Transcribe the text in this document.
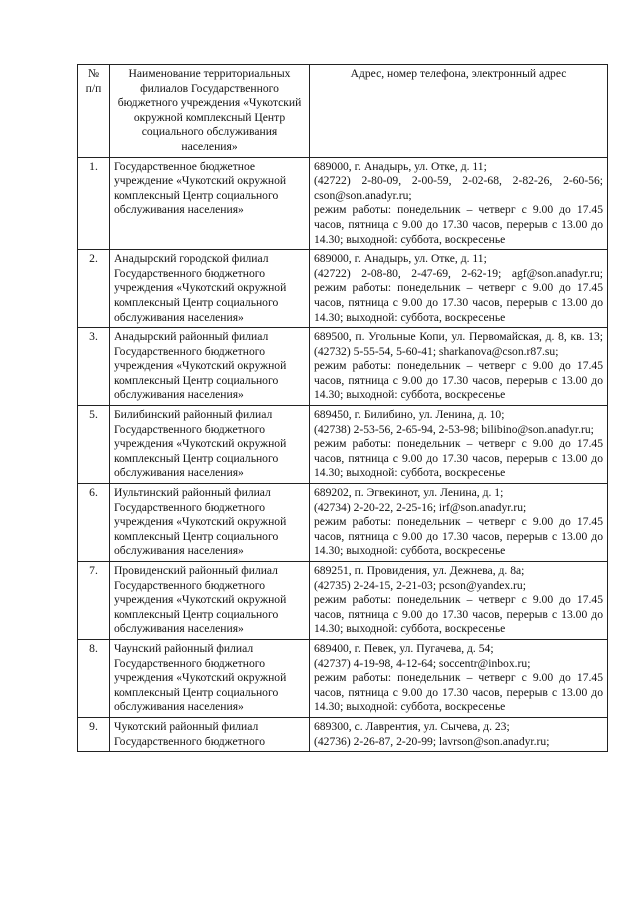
№ п/п	Наименование территориальных филиалов Государственного бюджетного учреждения «Чукотский окружной комплексный Центр социального обслуживания населения»	Адрес, номер телефона, электронный адрес
1.	Государственное бюджетное учреждение «Чукотский окружной комплексный Центр социального обслуживания населения»	689000, г. Анадырь, ул. Отке, д. 11;
(42722) 2-80-09, 2-00-59, 2-02-68, 2-82-26, 2-60-56; cson@son.anadyr.ru;
режим работы: понедельник – четверг с 9.00 до 17.45 часов, пятница с 9.00 до 17.30 часов, перерыв с 13.00 до 14.30; выходной: суббота, воскресенье

2.	Анадырский городской филиал Государственного бюджетного учреждения «Чукотский окружной комплексный Центр социального обслуживания населения»	689000, г. Анадырь, ул. Отке, д. 11;
(42722) 2-08-80, 2-47-69, 2-62-19; agf@son.anadyr.ru; режим работы: понедельник – четверг с 9.00 до 17.45 часов, пятница с 9.00 до 17.30 часов, перерыв с 13.00 до 14.30; выходной: суббота, воскресенье

3.	Анадырский районный филиал Государственного бюджетного учреждения «Чукотский окружной комплексный Центр социального обслуживания населения»	689500, п. Угольные Копи, ул. Первомайская, д. 8, кв. 13; (42732) 5-55-54, 5-60-41; sharkanova@cson.r87.su;
режим работы: понедельник – четверг с 9.00 до 17.45 часов, пятница с 9.00 до 17.30 часов, перерыв с 13.00 до 14.30; выходной: суббота, воскресенье

5.	Билибинский районный филиал Государственного бюджетного учреждения «Чукотский окружной комплексный Центр социального обслуживания населения»	689450, г. Билибино, ул. Ленина, д. 10;
(42738) 2-53-56, 2-65-94, 2-53-98; bilibino@son.anadyr.ru;
режим работы: понедельник – четверг с 9.00 до 17.45 часов, пятница с 9.00 до 17.30 часов, перерыв с 13.00 до 14.30; выходной: суббота, воскресенье

6.	Иультинский районный филиал Государственного бюджетного учреждения «Чукотский окружной комплексный Центр социального обслуживания населения»	689202, п. Эгвекинот, ул. Ленина, д. 1;
(42734) 2-20-22, 2-25-16; irf@son.anadyr.ru;
режим работы: понедельник – четверг с 9.00 до 17.45 часов, пятница с 9.00 до 17.30 часов, перерыв с 13.00 до 14.30; выходной: суббота, воскресенье

7.	Провиденский районный филиал Государственного бюджетного учреждения «Чукотский окружной комплексный Центр социального обслуживания населения»	689251, п. Провидения, ул. Дежнева, д. 8а;
(42735) 2-24-15, 2-21-03; pcson@yandex.ru;
режим работы: понедельник – четверг с 9.00 до 17.45 часов, пятница с 9.00 до 17.30 часов, перерыв с 13.00 до 14.30; выходной: суббота, воскресенье

8.	Чаунский районный филиал Государственного бюджетного учреждения «Чукотский окружной комплексный Центр социального обслуживания населения»	689400, г. Певек, ул. Пугачева, д. 54;
(42737) 4-19-98, 4-12-64; soccentr@inbox.ru;
режим работы: понедельник – четверг с 9.00 до 17.45 часов, пятница с 9.00 до 17.30 часов, перерыв с 13.00 до 14.30; выходной: суббота, воскресенье

9.	Чукотский районный филиал Государственного бюджетного	689300, с. Лаврентия, ул. Сычева, д. 23;
(42736) 2-26-87, 2-20-99; lavrson@son.anadyr.ru;
